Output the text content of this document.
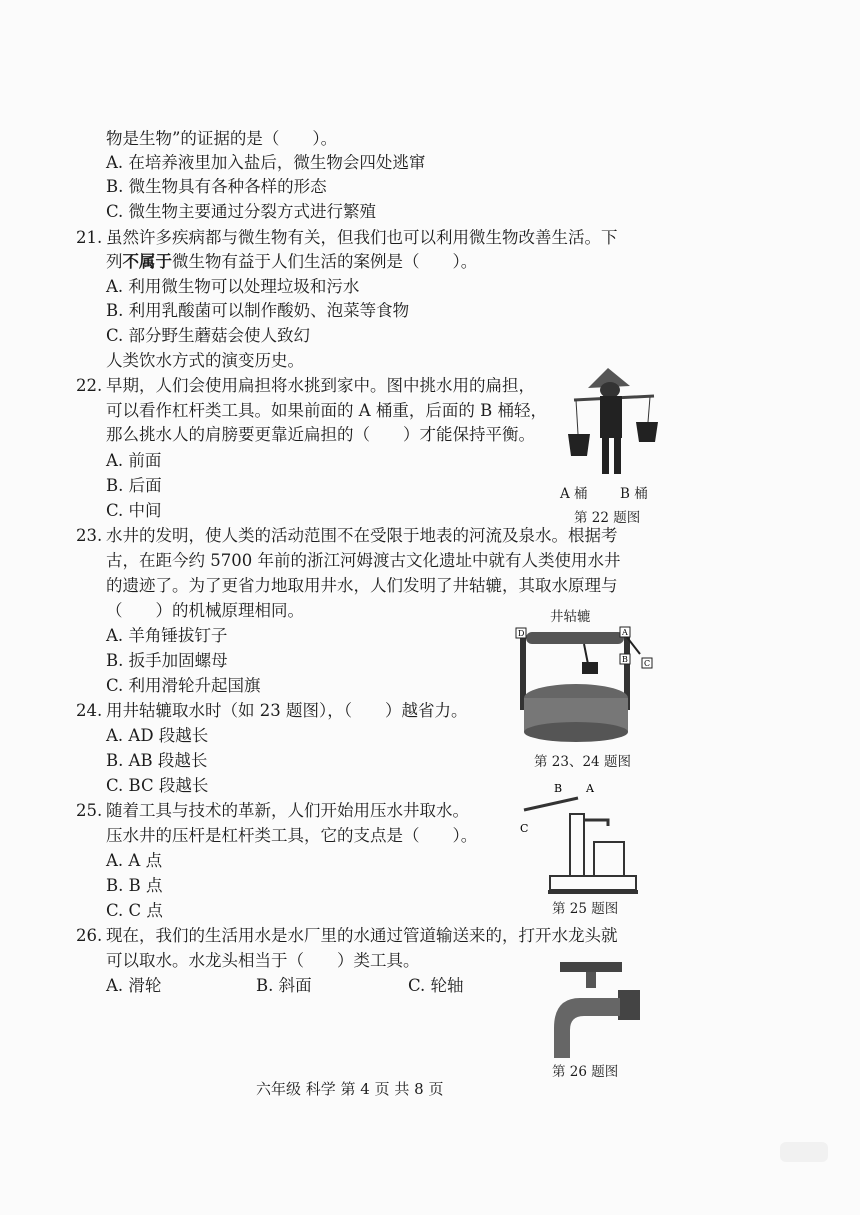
物是生物”的证据的是（　　）。
A. 在培养液里加入盐后，微生物会四处逃窜
B. 微生物具有各种各样的形态
C. 微生物主要通过分裂方式进行繁殖
21. 虽然许多疾病都与微生物有关，但我们也可以利用微生物改善生活。下
列不属于微生物有益于人们生活的案例是（　　）。
A. 利用微生物可以处理垃圾和污水
B. 利用乳酸菌可以制作酸奶、泡菜等食物
C. 部分野生蘑菇会使人致幻
人类饮水方式的演变历史。
22. 早期，人们会使用扁担将水挑到家中。图中挑水用的扁担，
可以看作杠杆类工具。如果前面的 A 桶重，后面的 B 桶轻，
那么挑水人的肩膀要更靠近扁担的（　　）才能保持平衡。
A. 前面
B. 后面
C. 中间
A 桶 B 桶
第 22 题图
23. 水井的发明，使人类的活动范围不在受限于地表的河流及泉水。根据考
古，在距今约 5700 年前的浙江河姆渡古文化遗址中就有人类使用水井
的遗迹了。为了更省力地取用井水，人们发明了井轱辘，其取水原理与
（　　）的机械原理相同。
A. 羊角锤拔钉子
B. 扳手加固螺母
C. 利用滑轮升起国旗
井轱辘
D	A
B C
第 23、24 题图
24. 用井轱辘取水时（如 23 题图），（　　）越省力。
A. AD 段越长
B. AB 段越长
C. BC 段越长
25. 随着工具与技术的革新，人们开始用压水井取水。
压水井的压杆是杠杆类工具，它的支点是（　　）。
A. A 点
B. B 点
C. C 点
B A
C
第 25 题图
26. 现在，我们的生活用水是水厂里的水通过管道输送来的，打开水龙头就
可以取水。水龙头相当于（　　）类工具。
A. 滑轮	B. 斜面	C. 轮轴
第 26 题图
六年级 科学 第 4 页 共 8 页
